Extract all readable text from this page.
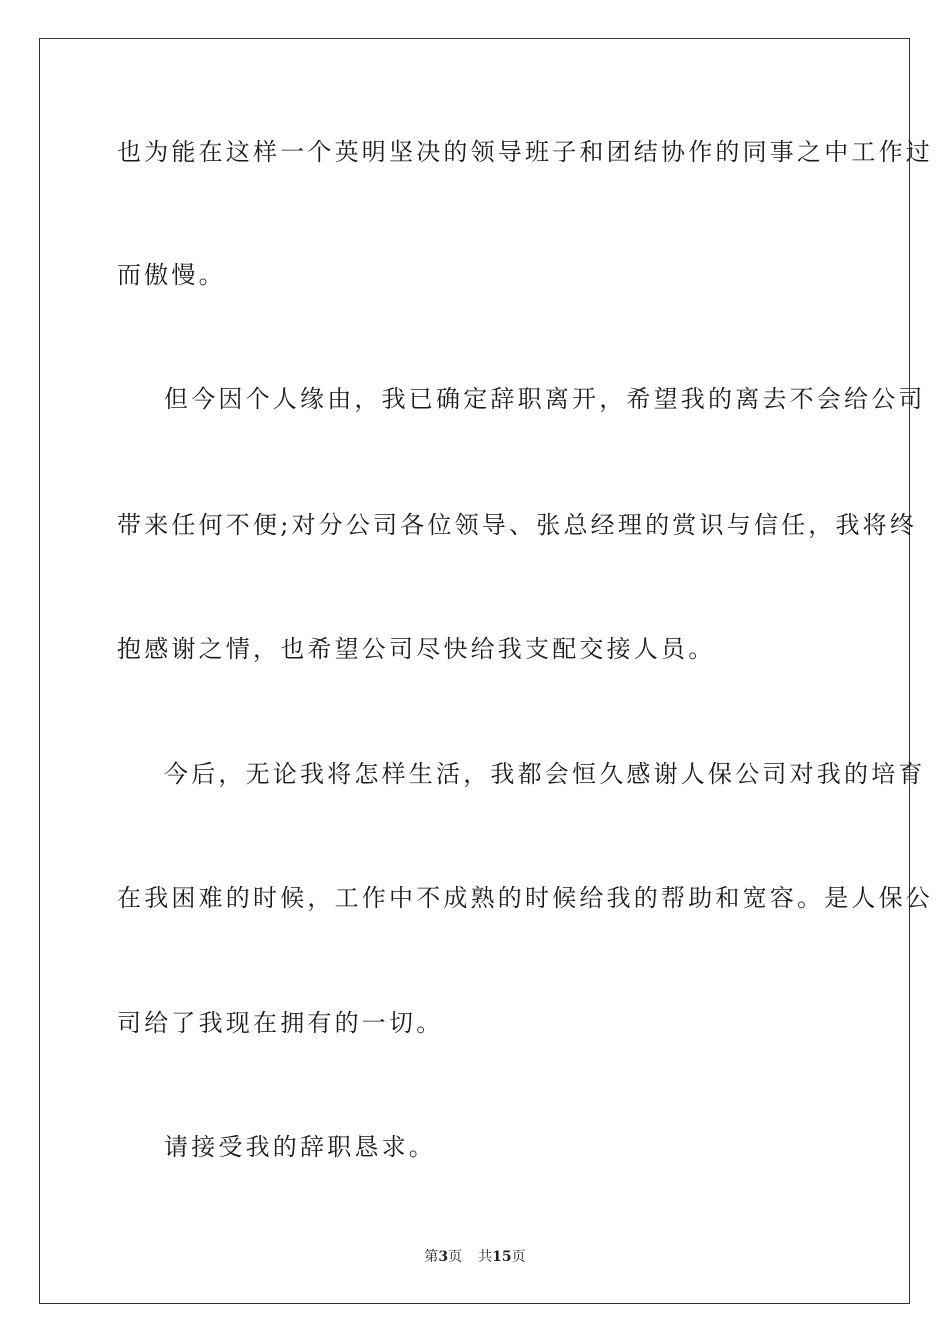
也为能在这样一个英明坚决的领导班子和团结协作的同事之中工作过
而傲慢。
但今因个人缘由，我已确定辞职离开，希望我的离去不会给公司
带来任何不便;对分公司各位领导、张总经理的赏识与信任，我将终
抱感谢之情，也希望公司尽快给我支配交接人员。
今后，无论我将怎样生活，我都会恒久感谢人保公司对我的培育
在我困难的时候，工作中不成熟的时候给我的帮助和宽容。是人保公
司给了我现在拥有的一切。
请接受我的辞职恳求。
第3页 共15页
